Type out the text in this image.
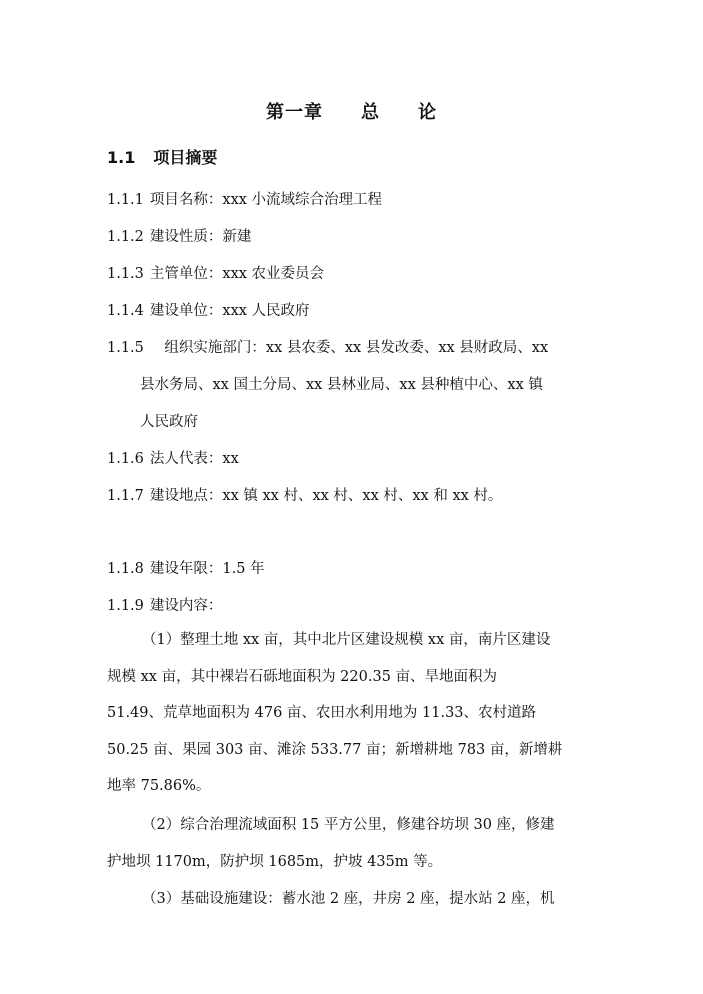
第一章　　总　　论
1.1 项目摘要
1.1.1 项目名称：xxx 小流域综合治理工程
1.1.2 建设性质：新建
1.1.3 主管单位：xxx 农业委员会
1.1.4 建设单位：xxx 人民政府
1.1.5　组织实施部门：xx 县农委、xx 县发改委、xx 县财政局、xx
县水务局、xx 国土分局、xx 县林业局、xx 县种植中心、xx 镇
人民政府
1.1.6 法人代表：xx
1.1.7 建设地点：xx 镇 xx 村、xx 村、xx 村、xx 和 xx 村。
1.1.8 建设年限：1.5 年
1.1.9 建设内容：
（1）整理土地 xx 亩，其中北片区建设规模 xx 亩，南片区建设
规模 xx 亩，其中裸岩石砾地面积为 220.35 亩、旱地面积为
51.49、荒草地面积为 476 亩、农田水利用地为 11.33、农村道路
50.25 亩、果园 303 亩、滩涂 533.77 亩；新增耕地 783 亩，新增耕
地率 75.86%。
（2）综合治理流域面积 15 平方公里，修建谷坊坝 30 座，修建
护地坝 1170m，防护坝 1685m，护坡 435m 等。
（3）基础设施建设：蓄水池 2 座，井房 2 座，提水站 2 座，机
